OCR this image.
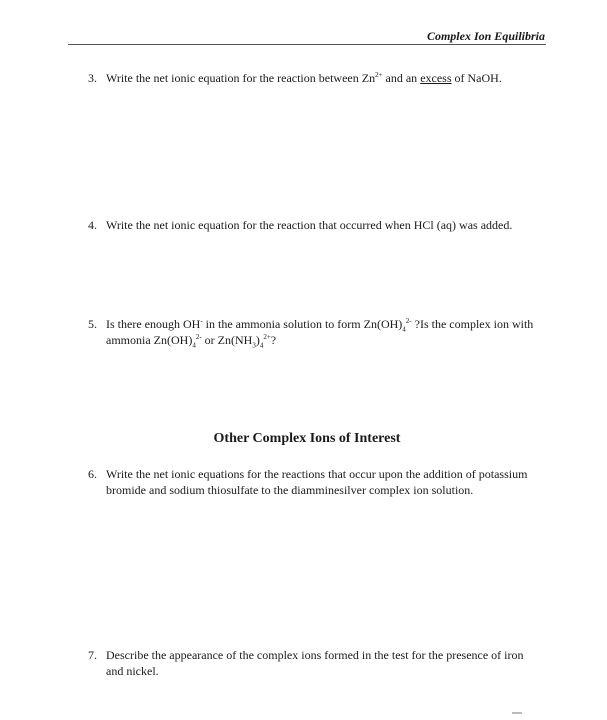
Complex Ion Equilibria
3. Write the net ionic equation for the reaction between $Zn^{2+}$ and an excess of NaOH.
4. Write the net ionic equation for the reaction that occurred when HCl (aq) was added.
5. Is there enough OH- in the ammonia solution to form $Zn(OH)_4^{2-}$ ?Is the complex ion with ammonia $Zn(OH)_4^{2-}$ or $Zn(NH_3)_4^{2+}$?
Other Complex Ions of Interest
6. Write the net ionic equations for the reactions that occur upon the addition of potassium bromide and sodium thiosulfate to the diamminesilver complex ion solution.
7. Describe the appearance of the complex ions formed in the test for the presence of iron and nickel.
